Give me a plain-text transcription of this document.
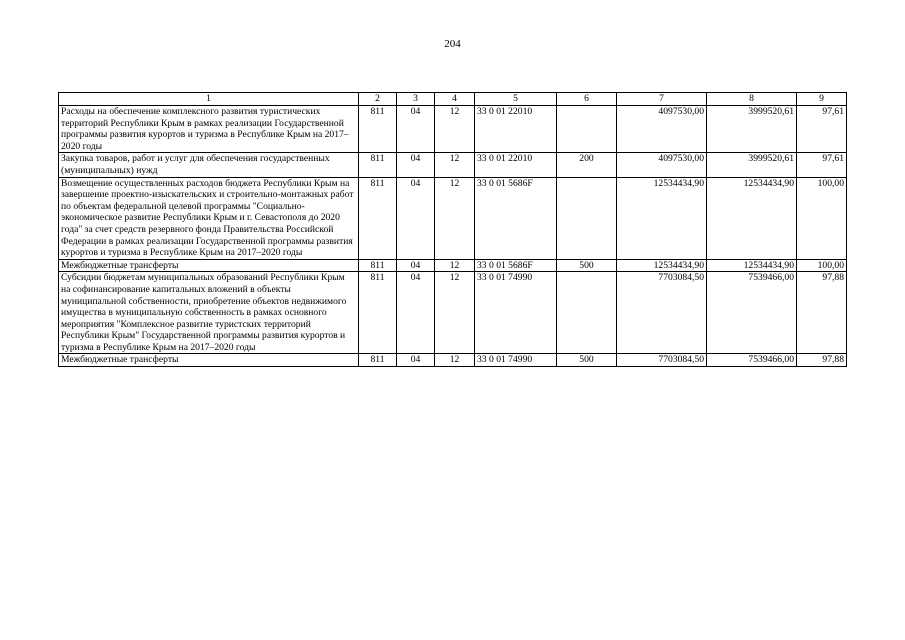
204
1	2	3	4	5	6	7	8	9
Расходы на обеспечение комплексного развития туристических территорий Республики Крым в рамках реализации Государственной программы развития курортов и туризма в Республике Крым на 2017–2020 годы	811	04	12	33 0 01 22010		4097530,00	3999520,61	97,61
Закупка товаров, работ и услуг для обеспечения государственных (муниципальных) нужд	811	04	12	33 0 01 22010	200	4097530,00	3999520,61	97,61
Возмещение осуществленных расходов бюджета Республики Крым на завершение проектно-изыскательских и строительно-монтажных работ по объектам федеральной целевой программы "Социально-экономическое развитие Республики Крым и г. Севастополя до 2020 года" за счет средств резервного фонда Правительства Российской Федерации в рамках реализации Государственной программы развития курортов и туризма в Республике Крым на 2017–2020 годы	811	04	12	33 0 01 5686F		12534434,90	12534434,90	100,00
Межбюджетные трансферты	811	04	12	33 0 01 5686F	500	12534434,90	12534434,90	100,00
Субсидии бюджетам муниципальных образований Республики Крым на софинансирование капитальных вложений в объекты муниципальной собственности, приобретение объектов недвижимого имущества в муниципальную собственность в рамках основного мероприятия "Комплексное развитие туристских территорий Республики Крым" Государственной программы развития курортов и туризма в Республике Крым на 2017–2020 годы	811	04	12	33 0 01 74990		7703084,50	7539466,00	97,88
Межбюджетные трансферты	811	04	12	33 0 01 74990	500	7703084,50	7539466,00	97,88
